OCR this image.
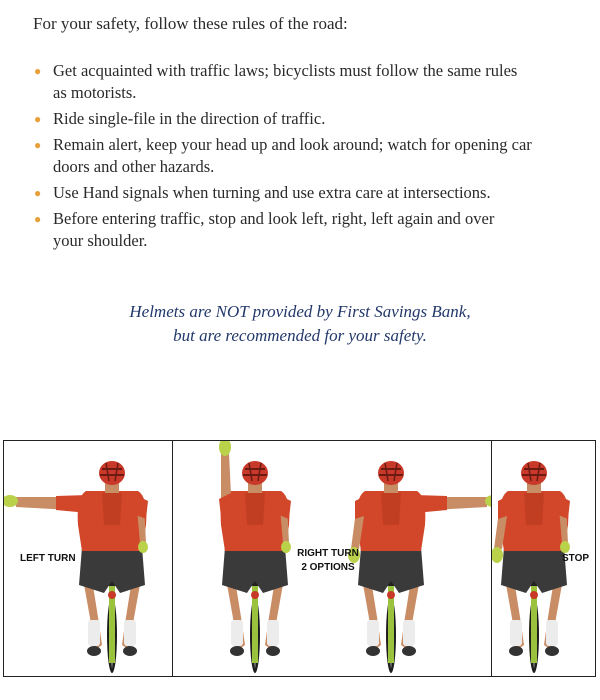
For your safety, follow these rules of the road:

● Get acquainted with traffic laws; bicyclists must follow the same rules
as motorists.
● Ride single-file in the direction of traffic.
● Remain alert, keep your head up and look around; watch for opening car
doors and other hazards.
● Use Hand signals when turning and use extra care at intersections.
● Before entering traffic, stop and look left, right, left again and over
your shoulder.
Helmets are NOT provided by First Savings Bank,
but are recommended for your safety.
LEFT TURN	RIGHT TURN
2 OPTIONS
STOP
